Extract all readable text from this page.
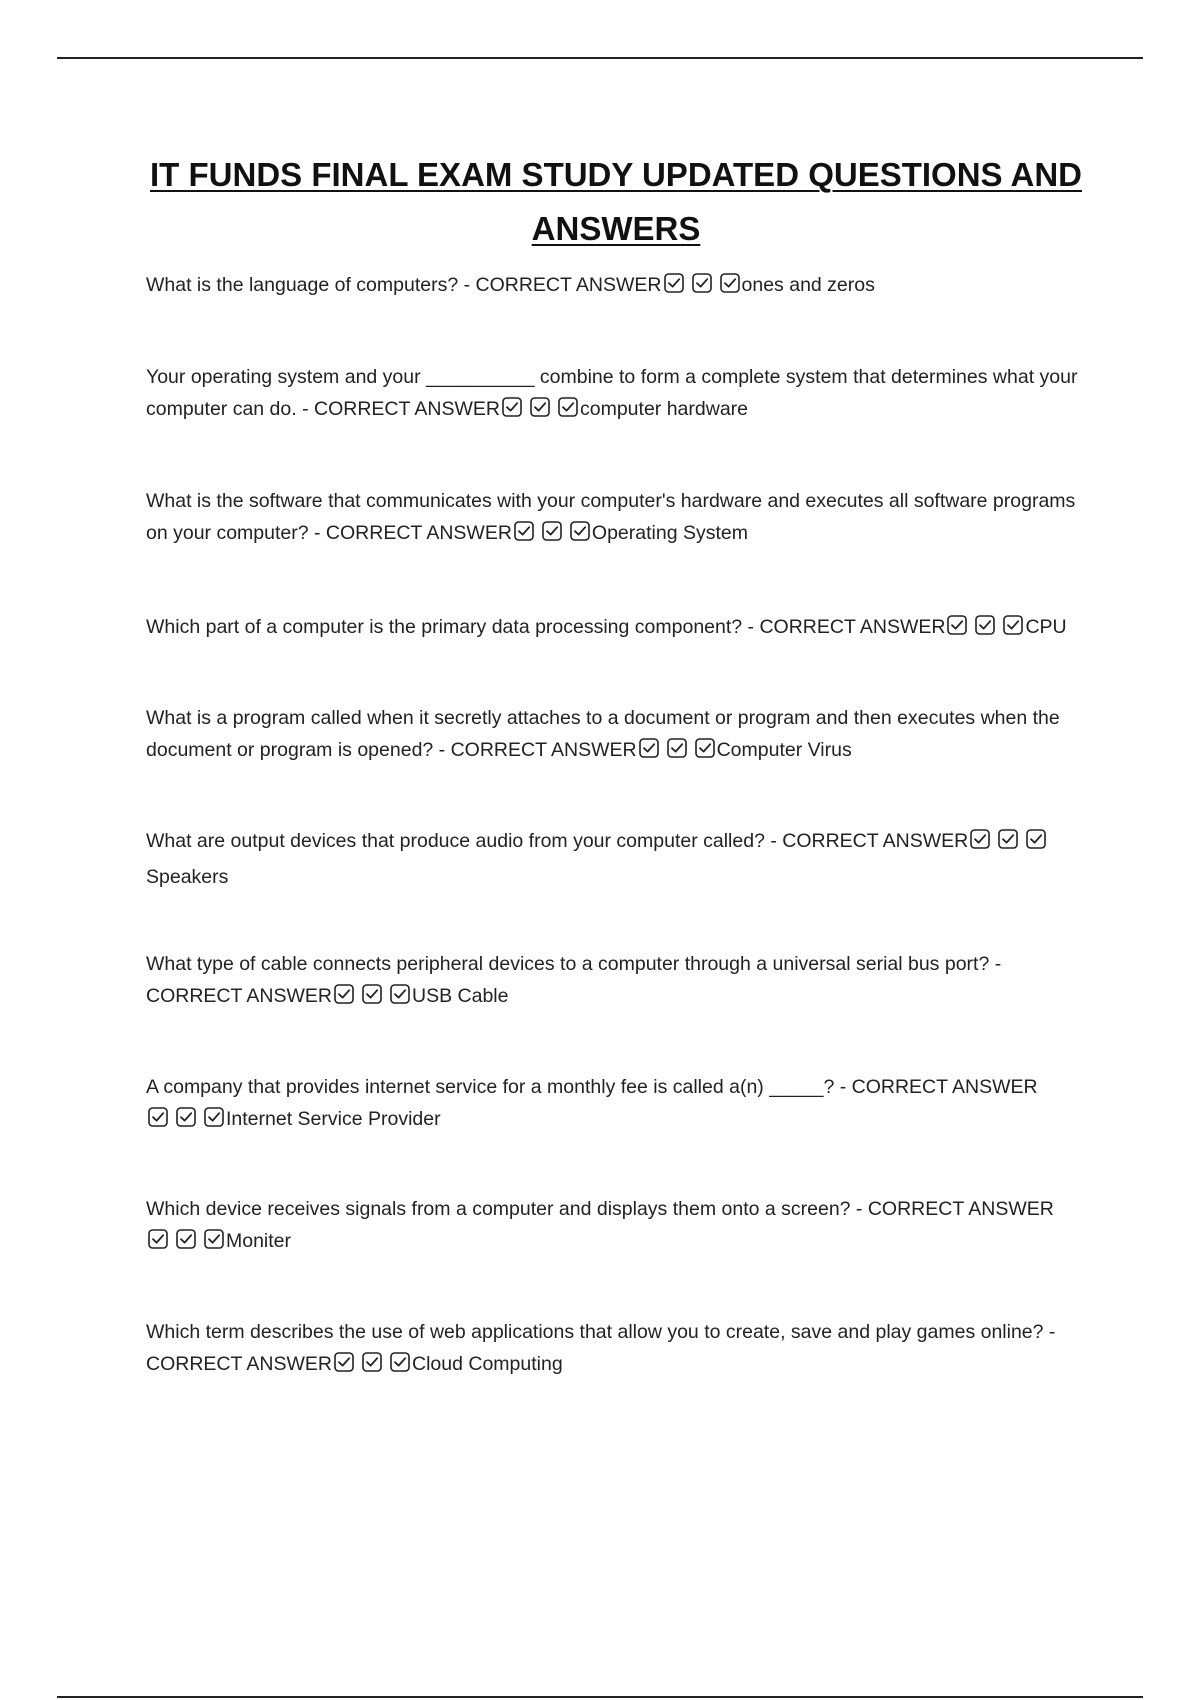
IT FUNDS FINAL EXAM STUDY UPDATED QUESTIONS AND ANSWERS

What is the language of computers? - CORRECT ANSWER	ones and zeros

Your operating system and your __________ combine to form a complete system that determines what your computer can do. - CORRECT ANSWER	computer hardware

What is the software that communicates with your computer's hardware and executes all software programs on your computer? - CORRECT ANSWER	Operating System

Which part of a computer is the primary data processing component? - CORRECT ANSWER	CPU

What is a program called when it secretly attaches to a document or program and then executes when the document or program is opened? - CORRECT ANSWER	Computer Virus

What are output devices that produce audio from your computer called? - CORRECT ANSWER
Speakers

What type of cable connects peripheral devices to a computer through a universal serial bus port? - CORRECT ANSWER	USB Cable

A company that provides internet service for a monthly fee is called a(n) _____? - CORRECT ANSWER
Internet Service Provider

Which device receives signals from a computer and displays them onto a screen? - CORRECT ANSWER
Moniter

Which term describes the use of web applications that allow you to create, save and play games online? - CORRECT ANSWER	Cloud Computing
